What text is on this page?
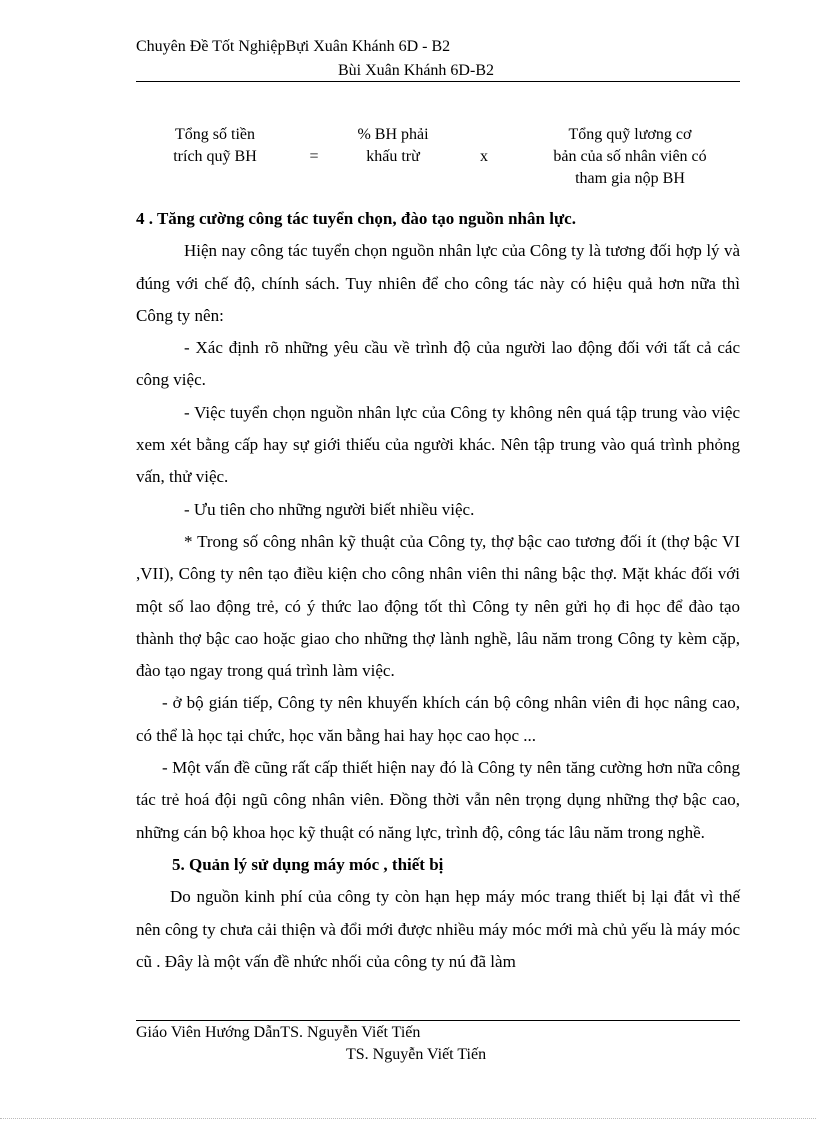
Chuyên Đề Tốt NghiệpBựi Xuân Khánh 6D - B2
Bùi Xuân Khánh 6D-B2
Tổng số tiền
trích quỹ BH	=
% BH phải
khấu trừ	x
Tổng quỹ lương cơ
bản của số nhân viên có
tham gia nộp BH

4 . Tăng cường công tác tuyển chọn, đào tạo nguồn nhân lực.

Hiện nay công tác tuyển chọn nguồn nhân lực của Công ty là tương đối hợp lý và đúng với chế độ, chính sách. Tuy nhiên để cho công tác này có hiệu quả hơn nữa thì Công ty nên:

- Xác định rõ những yêu cầu về trình độ của người lao động đối với tất cả các công việc.

- Việc tuyển chọn nguồn nhân lực của Công ty không nên quá tập trung vào việc xem xét bằng cấp hay sự giới thiếu của người khác. Nên tập trung vào quá trình phỏng vấn, thử việc.

- Ưu tiên cho những người biết nhiều việc.

* Trong số công nhân kỹ thuật của Công ty, thợ bậc cao tương đối ít (thợ bậc VI ,VII), Công ty nên tạo điều kiện cho công nhân viên thi nâng bậc thợ. Mặt khác đối với một số lao động trẻ, có ý thức lao động tốt thì Công ty nên gửi họ đi học để đào tạo thành thợ bậc cao hoặc giao cho những thợ lành nghề, lâu năm trong Công ty kèm cặp, đào tạo ngay trong quá trình làm việc.

- ở bộ gián tiếp, Công ty nên khuyến khích cán bộ công nhân viên đi học nâng cao, có thể là học tại chức, học văn bằng hai hay học cao học ...

- Một vấn đề cũng rất cấp thiết hiện nay đó là Công ty nên tăng cường hơn nữa công tác trẻ hoá đội ngũ công nhân viên. Đồng thời vẫn nên trọng dụng những thợ bậc cao, những cán bộ khoa học kỹ thuật có năng lực, trình độ, công tác lâu năm trong nghề.

5. Quản lý sử dụng máy móc , thiết bị

Do nguồn kinh phí của công ty còn hạn hẹp máy móc trang thiết bị lại đắt vì thế nên công ty chưa cải thiện và đổi mới được nhiều máy móc mới mà chủ yếu là máy móc cũ . Đây là một vấn đề nhức nhối của công ty nú đã làm

Giáo Viên Hướng DẫnTS. Nguyễn Viết Tiến
TS. Nguyễn Viết Tiến
